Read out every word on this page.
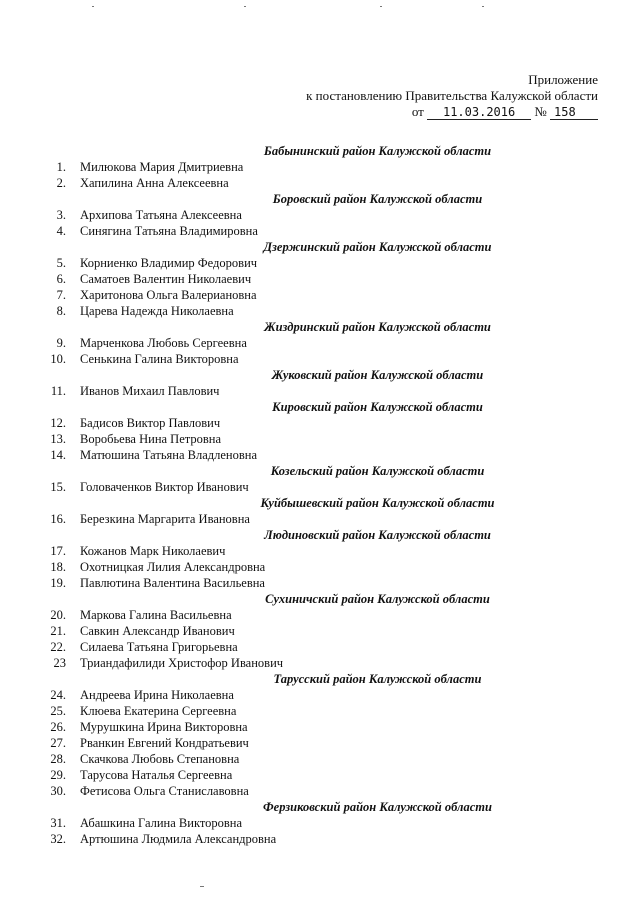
Приложение
к постановлению Правительства Калужской области
от 11.03.2016 № 158
Бабынинский район Калужской области
1. Милюкова Мария Дмитриевна
2. Хапилина Анна Алексеевна
Боровский район Калужской области
3. Архипова Татьяна Алексеевна
4. Синягина Татьяна Владимировна
Дзержинский район Калужской области
5. Корниенко Владимир Федорович
6. Саматоев Валентин Николаевич
7. Харитонова Ольга Валериановна
8. Царева Надежда Николаевна
Жиздринский район Калужской области
9. Марченкова Любовь Сергеевна
10. Сенькина Галина Викторовна
Жуковский район Калужской области
11. Иванов Михаил Павлович
Кировский район Калужской области
12. Бадисов Виктор Павлович
13. Воробьева Нина Петровна
14. Матюшина Татьяна Владленовна
Козельский район Калужской области
15. Головаченков Виктор Иванович
Куйбышевский район Калужской области
16. Березкина Маргарита Ивановна
Людиновский район Калужской области
17. Кожанов Марк Николаевич
18. Охотницкая Лилия Александровна
19. Павлютина Валентина Васильевна
Сухиничский район Калужской области
20. Маркова Галина Васильевна
21. Савкин Александр Иванович
22. Силаева Татьяна Григорьевна
23 Триандафилиди Христофор Иванович
Тарусский район Калужской области
24. Андреева Ирина Николаевна
25. Клюева Екатерина Сергеевна
26. Мурушкина Ирина Викторовна
27. Рванкин Евгений Кондратьевич
28. Скачкова Любовь Степановна
29. Тарусова Наталья Сергеевна
30. Фетисова Ольга Станиславовна
Ферзиковский район Калужской области
31. Абашкина Галина Викторовна
32. Артюшина Людмила Александровна
